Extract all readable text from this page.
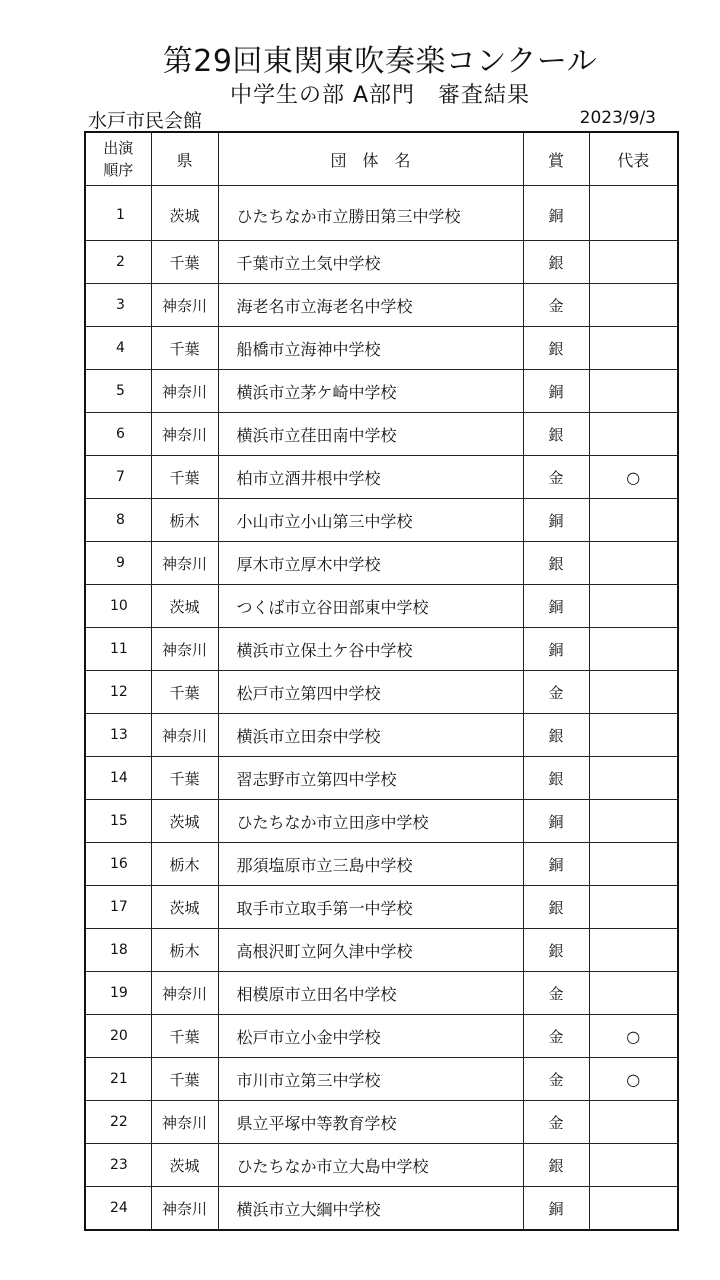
第29回東関東吹奏楽コンクール
中学生の部 A部門　審査結果
水戸市民会館	2023/9/3
出演
順序	県	団　体　名	賞	代表
1	茨城	ひたちなか市立勝田第三中学校	銅	
2	千葉	千葉市立土気中学校	銀	
3	神奈川	海老名市立海老名中学校	金	
4	千葉	船橋市立海神中学校	銀	
5	神奈川	横浜市立茅ケ崎中学校	銅	
6	神奈川	横浜市立荏田南中学校	銀	
7	千葉	柏市立酒井根中学校	金	○
8	栃木	小山市立小山第三中学校	銅	
9	神奈川	厚木市立厚木中学校	銀	
10	茨城	つくば市立谷田部東中学校	銅	
11	神奈川	横浜市立保土ケ谷中学校	銅	
12	千葉	松戸市立第四中学校	金	
13	神奈川	横浜市立田奈中学校	銀	
14	千葉	習志野市立第四中学校	銀	
15	茨城	ひたちなか市立田彦中学校	銅	
16	栃木	那須塩原市立三島中学校	銅	
17	茨城	取手市立取手第一中学校	銀	
18	栃木	高根沢町立阿久津中学校	銀	
19	神奈川	相模原市立田名中学校	金	
20	千葉	松戸市立小金中学校	金	○
21	千葉	市川市立第三中学校	金	○
22	神奈川	県立平塚中等教育学校	金	
23	茨城	ひたちなか市立大島中学校	銀	
24	神奈川	横浜市立大綱中学校	銅	
